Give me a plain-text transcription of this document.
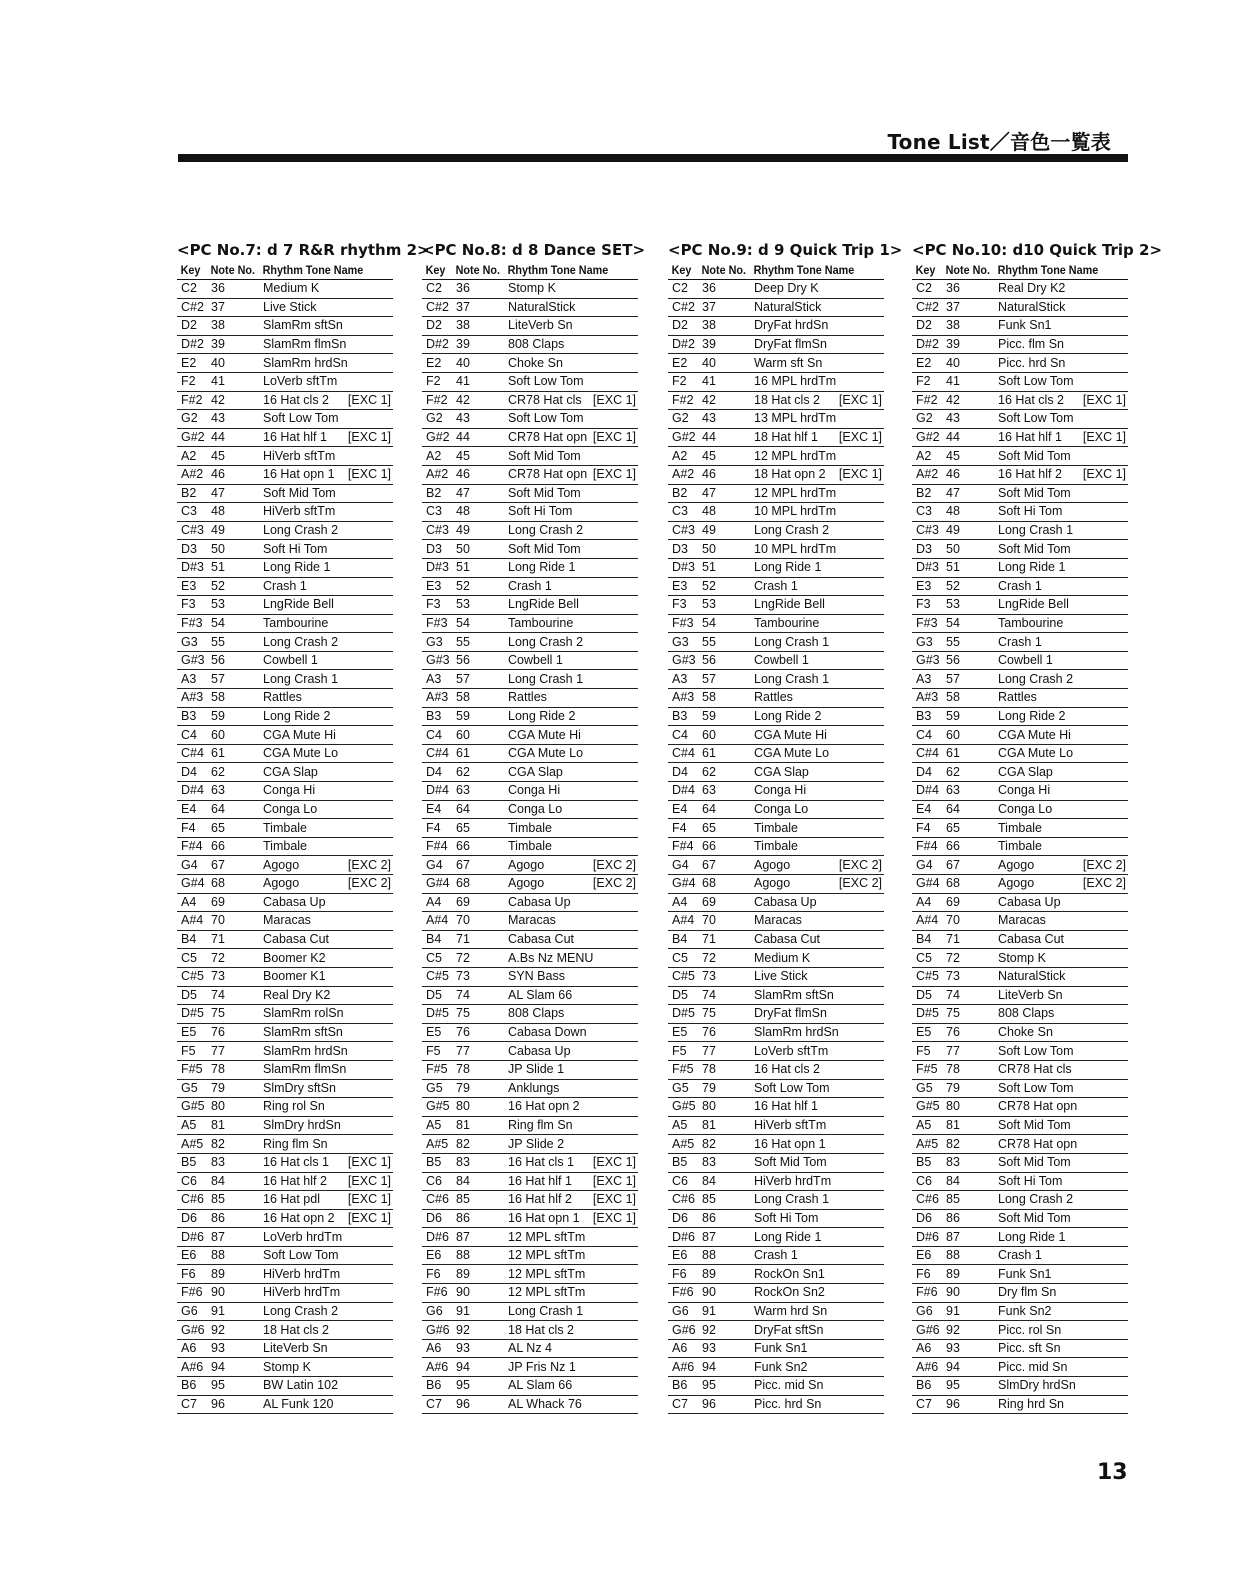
Tone List／音色一覧表
<PC No.7: d 7 R&R rhythm 2>
Key	Note No.	Rhythm Tone Name
C2	36	Medium K

C#2	37	Live Stick

D2	38	SlamRm sftSn

D#2	39	SlamRm flmSn

E2	40	SlamRm hrdSn

F2	41	LoVerb sftTm

F#2	42	16 Hat cls 2 [EXC 1]

G2	43	Soft Low Tom

G#2	44	16 Hat hlf 1 [EXC 1]

A2	45	HiVerb sftTm

A#2	46	16 Hat opn 1 [EXC 1]

B2	47	Soft Mid Tom

C3	48	HiVerb sftTm

C#3	49	Long Crash 2

D3	50	Soft Hi Tom

D#3	51	Long Ride 1

E3	52	Crash 1

F3	53	LngRide Bell

F#3	54	Tambourine

G3	55	Long Crash 2

G#3	56	Cowbell 1

A3	57	Long Crash 1

A#3	58	Rattles

B3	59	Long Ride 2

C4	60	CGA Mute Hi

C#4	61	CGA Mute Lo

D4	62	CGA Slap

D#4	63	Conga Hi

E4	64	Conga Lo

F4	65	Timbale

F#4	66	Timbale

G4	67	Agogo [EXC 2]

G#4	68	Agogo [EXC 2]

A4	69	Cabasa Up

A#4	70	Maracas

B4	71	Cabasa Cut

C5	72	Boomer K2

C#5	73	Boomer K1

D5	74	Real Dry K2

D#5	75	SlamRm rolSn

E5	76	SlamRm sftSn

F5	77	SlamRm hrdSn

F#5	78	SlamRm flmSn

G5	79	SlmDry sftSn

G#5	80	Ring rol Sn

A5	81	SlmDry hrdSn

A#5	82	Ring flm Sn

B5	83	16 Hat cls 1 [EXC 1]

C6	84	16 Hat hlf 2 [EXC 1]

C#6	85	16 Hat pdl [EXC 1]

D6	86	16 Hat opn 2 [EXC 1]

D#6	87	LoVerb hrdTm

E6	88	Soft Low Tom

F6	89	HiVerb hrdTm

F#6	90	HiVerb hrdTm

G6	91	Long Crash 2

G#6	92	18 Hat cls 2

A6	93	LiteVerb Sn

A#6	94	Stomp K

B6	95	BW Latin 102

C7	96	AL Funk 120
<PC No.8: d 8 Dance SET>
Key	Note No.	Rhythm Tone Name
C2	36	Stomp K

C#2	37	NaturalStick

D2	38	LiteVerb Sn

D#2	39	808 Claps

E2	40	Choke Sn

F2	41	Soft Low Tom

F#2	42	CR78 Hat cls [EXC 1]

G2	43	Soft Low Tom

G#2	44	CR78 Hat opn [EXC 1]

A2	45	Soft Mid Tom

A#2	46	CR78 Hat opn [EXC 1]

B2	47	Soft Mid Tom

C3	48	Soft Hi Tom

C#3	49	Long Crash 2

D3	50	Soft Mid Tom

D#3	51	Long Ride 1

E3	52	Crash 1

F3	53	LngRide Bell

F#3	54	Tambourine

G3	55	Long Crash 2

G#3	56	Cowbell 1

A3	57	Long Crash 1

A#3	58	Rattles

B3	59	Long Ride 2

C4	60	CGA Mute Hi

C#4	61	CGA Mute Lo

D4	62	CGA Slap

D#4	63	Conga Hi

E4	64	Conga Lo

F4	65	Timbale

F#4	66	Timbale

G4	67	Agogo [EXC 2]

G#4	68	Agogo [EXC 2]

A4	69	Cabasa Up

A#4	70	Maracas

B4	71	Cabasa Cut

C5	72	A.Bs Nz MENU

C#5	73	SYN Bass

D5	74	AL Slam 66

D#5	75	808 Claps

E5	76	Cabasa Down

F5	77	Cabasa Up

F#5	78	JP Slide 1

G5	79	Anklungs

G#5	80	16 Hat opn 2

A5	81	Ring flm Sn

A#5	82	JP Slide 2

B5	83	16 Hat cls 1 [EXC 1]

C6	84	16 Hat hlf 1 [EXC 1]

C#6	85	16 Hat hlf 2 [EXC 1]

D6	86	16 Hat opn 1 [EXC 1]

D#6	87	12 MPL sftTm

E6	88	12 MPL sftTm

F6	89	12 MPL sftTm

F#6	90	12 MPL sftTm

G6	91	Long Crash 1

G#6	92	18 Hat cls 2

A6	93	AL Nz 4

A#6	94	JP Fris Nz 1

B6	95	AL Slam 66

C7	96	AL Whack 76
<PC No.9: d 9 Quick Trip 1>
Key	Note No.	Rhythm Tone Name
C2	36	Deep Dry K

C#2	37	NaturalStick

D2	38	DryFat hrdSn

D#2	39	DryFat flmSn

E2	40	Warm sft Sn

F2	41	16 MPL hrdTm

F#2	42	18 Hat cls 2 [EXC 1]

G2	43	13 MPL hrdTm

G#2	44	18 Hat hlf 1 [EXC 1]

A2	45	12 MPL hrdTm

A#2	46	18 Hat opn 2 [EXC 1]

B2	47	12 MPL hrdTm

C3	48	10 MPL hrdTm

C#3	49	Long Crash 2

D3	50	10 MPL hrdTm

D#3	51	Long Ride 1

E3	52	Crash 1

F3	53	LngRide Bell

F#3	54	Tambourine

G3	55	Long Crash 1

G#3	56	Cowbell 1

A3	57	Long Crash 1

A#3	58	Rattles

B3	59	Long Ride 2

C4	60	CGA Mute Hi

C#4	61	CGA Mute Lo

D4	62	CGA Slap

D#4	63	Conga Hi

E4	64	Conga Lo

F4	65	Timbale

F#4	66	Timbale

G4	67	Agogo [EXC 2]

G#4	68	Agogo [EXC 2]

A4	69	Cabasa Up

A#4	70	Maracas

B4	71	Cabasa Cut

C5	72	Medium K

C#5	73	Live Stick

D5	74	SlamRm sftSn

D#5	75	DryFat flmSn

E5	76	SlamRm hrdSn

F5	77	LoVerb sftTm

F#5	78	16 Hat cls 2

G5	79	Soft Low Tom

G#5	80	16 Hat hlf 1

A5	81	HiVerb sftTm

A#5	82	16 Hat opn 1

B5	83	Soft Mid Tom

C6	84	HiVerb hrdTm

C#6	85	Long Crash 1

D6	86	Soft Hi Tom

D#6	87	Long Ride 1

E6	88	Crash 1

F6	89	RockOn Sn1

F#6	90	RockOn Sn2

G6	91	Warm hrd Sn

G#6	92	DryFat sftSn

A6	93	Funk Sn1

A#6	94	Funk Sn2

B6	95	Picc. mid Sn

C7	96	Picc. hrd Sn
<PC No.10: d10 Quick Trip 2>
Key	Note No.	Rhythm Tone Name
C2	36	Real Dry K2

C#2	37	NaturalStick

D2	38	Funk Sn1

D#2	39	Picc. flm Sn

E2	40	Picc. hrd Sn

F2	41	Soft Low Tom

F#2	42	16 Hat cls 2 [EXC 1]

G2	43	Soft Low Tom

G#2	44	16 Hat hlf 1 [EXC 1]

A2	45	Soft Mid Tom

A#2	46	16 Hat hlf 2 [EXC 1]

B2	47	Soft Mid Tom

C3	48	Soft Hi Tom

C#3	49	Long Crash 1

D3	50	Soft Mid Tom

D#3	51	Long Ride 1

E3	52	Crash 1

F3	53	LngRide Bell

F#3	54	Tambourine

G3	55	Crash 1

G#3	56	Cowbell 1

A3	57	Long Crash 2

A#3	58	Rattles

B3	59	Long Ride 2

C4	60	CGA Mute Hi

C#4	61	CGA Mute Lo

D4	62	CGA Slap

D#4	63	Conga Hi

E4	64	Conga Lo

F4	65	Timbale

F#4	66	Timbale

G4	67	Agogo [EXC 2]

G#4	68	Agogo [EXC 2]

A4	69	Cabasa Up

A#4	70	Maracas

B4	71	Cabasa Cut

C5	72	Stomp K

C#5	73	NaturalStick

D5	74	LiteVerb Sn

D#5	75	808 Claps

E5	76	Choke Sn

F5	77	Soft Low Tom

F#5	78	CR78 Hat cls

G5	79	Soft Low Tom

G#5	80	CR78 Hat opn

A5	81	Soft Mid Tom

A#5	82	CR78 Hat opn

B5	83	Soft Mid Tom

C6	84	Soft Hi Tom

C#6	85	Long Crash 2

D6	86	Soft Mid Tom

D#6	87	Long Ride 1

E6	88	Crash 1

F6	89	Funk Sn1

F#6	90	Dry flm Sn

G6	91	Funk Sn2

G#6	92	Picc. rol Sn

A6	93	Picc. sft Sn

A#6	94	Picc. mid Sn

B6	95	SlmDry hrdSn

C7	96	Ring hrd Sn
13
